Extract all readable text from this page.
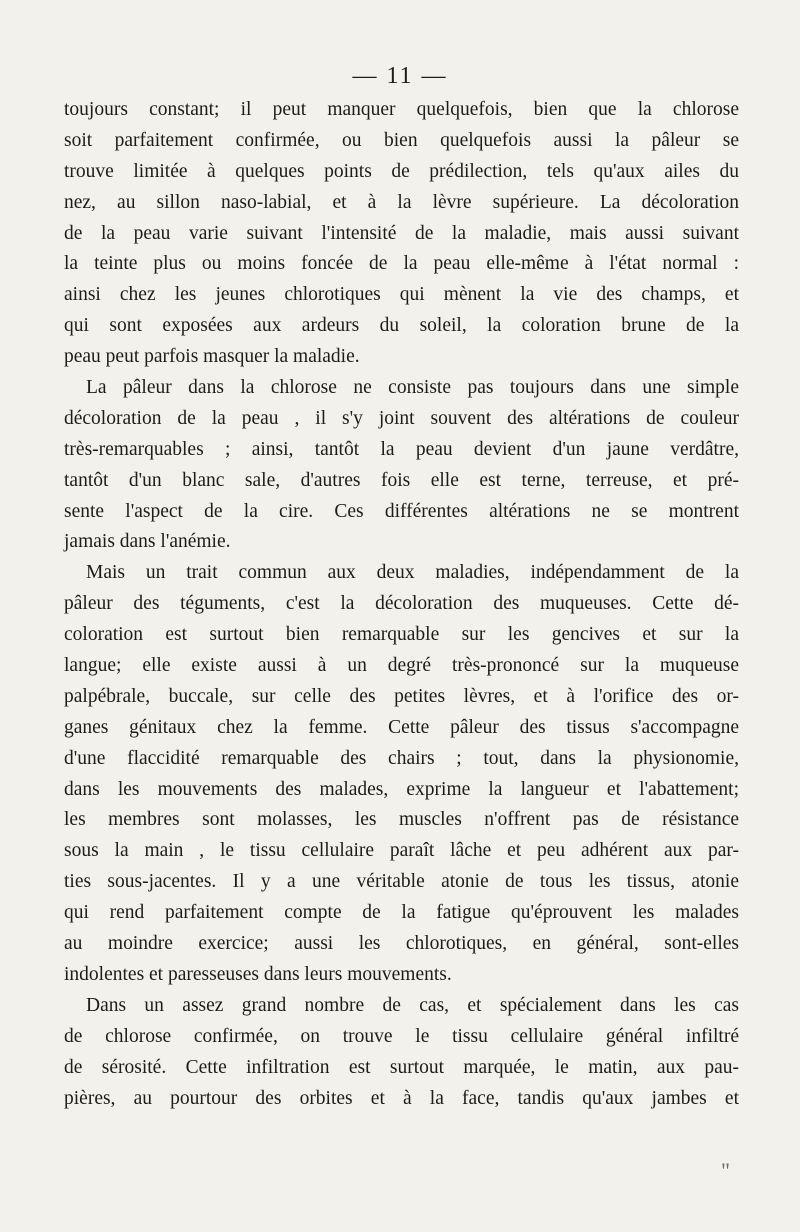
— 11 —
toujours constant; il peut manquer quelquefois, bien que la chlorose
soit parfaitement confirmée, ou bien quelquefois aussi la pâleur se
trouve limitée à quelques points de prédilection, tels qu'aux ailes du
nez, au sillon naso-labial, et à la lèvre supérieure. La décoloration
de la peau varie suivant l'intensité de la maladie, mais aussi suivant
la teinte plus ou moins foncée de la peau elle-même à l'état normal :
ainsi chez les jeunes chlorotiques qui mènent la vie des champs, et
qui sont exposées aux ardeurs du soleil, la coloration brune de la
peau peut parfois masquer la maladie.
La pâleur dans la chlorose ne consiste pas toujours dans une simple
décoloration de la peau , il s'y joint souvent des altérations de couleur
très-remarquables ; ainsi, tantôt la peau devient d'un jaune verdâtre,
tantôt d'un blanc sale, d'autres fois elle est terne, terreuse, et pré-
sente l'aspect de la cire. Ces différentes altérations ne se montrent
jamais dans l'anémie.
Mais un trait commun aux deux maladies, indépendamment de la
pâleur des téguments, c'est la décoloration des muqueuses. Cette dé-
coloration est surtout bien remarquable sur les gencives et sur la
langue; elle existe aussi à un degré très-prononcé sur la muqueuse
palpébrale, buccale, sur celle des petites lèvres, et à l'orifice des or-
ganes génitaux chez la femme. Cette pâleur des tissus s'accompagne
d'une flaccidité remarquable des chairs ; tout, dans la physionomie,
dans les mouvements des malades, exprime la langueur et l'abattement;
les membres sont molasses, les muscles n'offrent pas de résistance
sous la main , le tissu cellulaire paraît lâche et peu adhérent aux par-
ties sous-jacentes. Il y a une véritable atonie de tous les tissus, atonie
qui rend parfaitement compte de la fatigue qu'éprouvent les malades
au moindre exercice; aussi les chlorotiques, en général, sont-elles
indolentes et paresseuses dans leurs mouvements.
Dans un assez grand nombre de cas, et spécialement dans les cas
de chlorose confirmée, on trouve le tissu cellulaire général infiltré
de sérosité. Cette infiltration est surtout marquée, le matin, aux pau-
pières, au pourtour des orbites et à la face, tandis qu'aux jambes et
"
